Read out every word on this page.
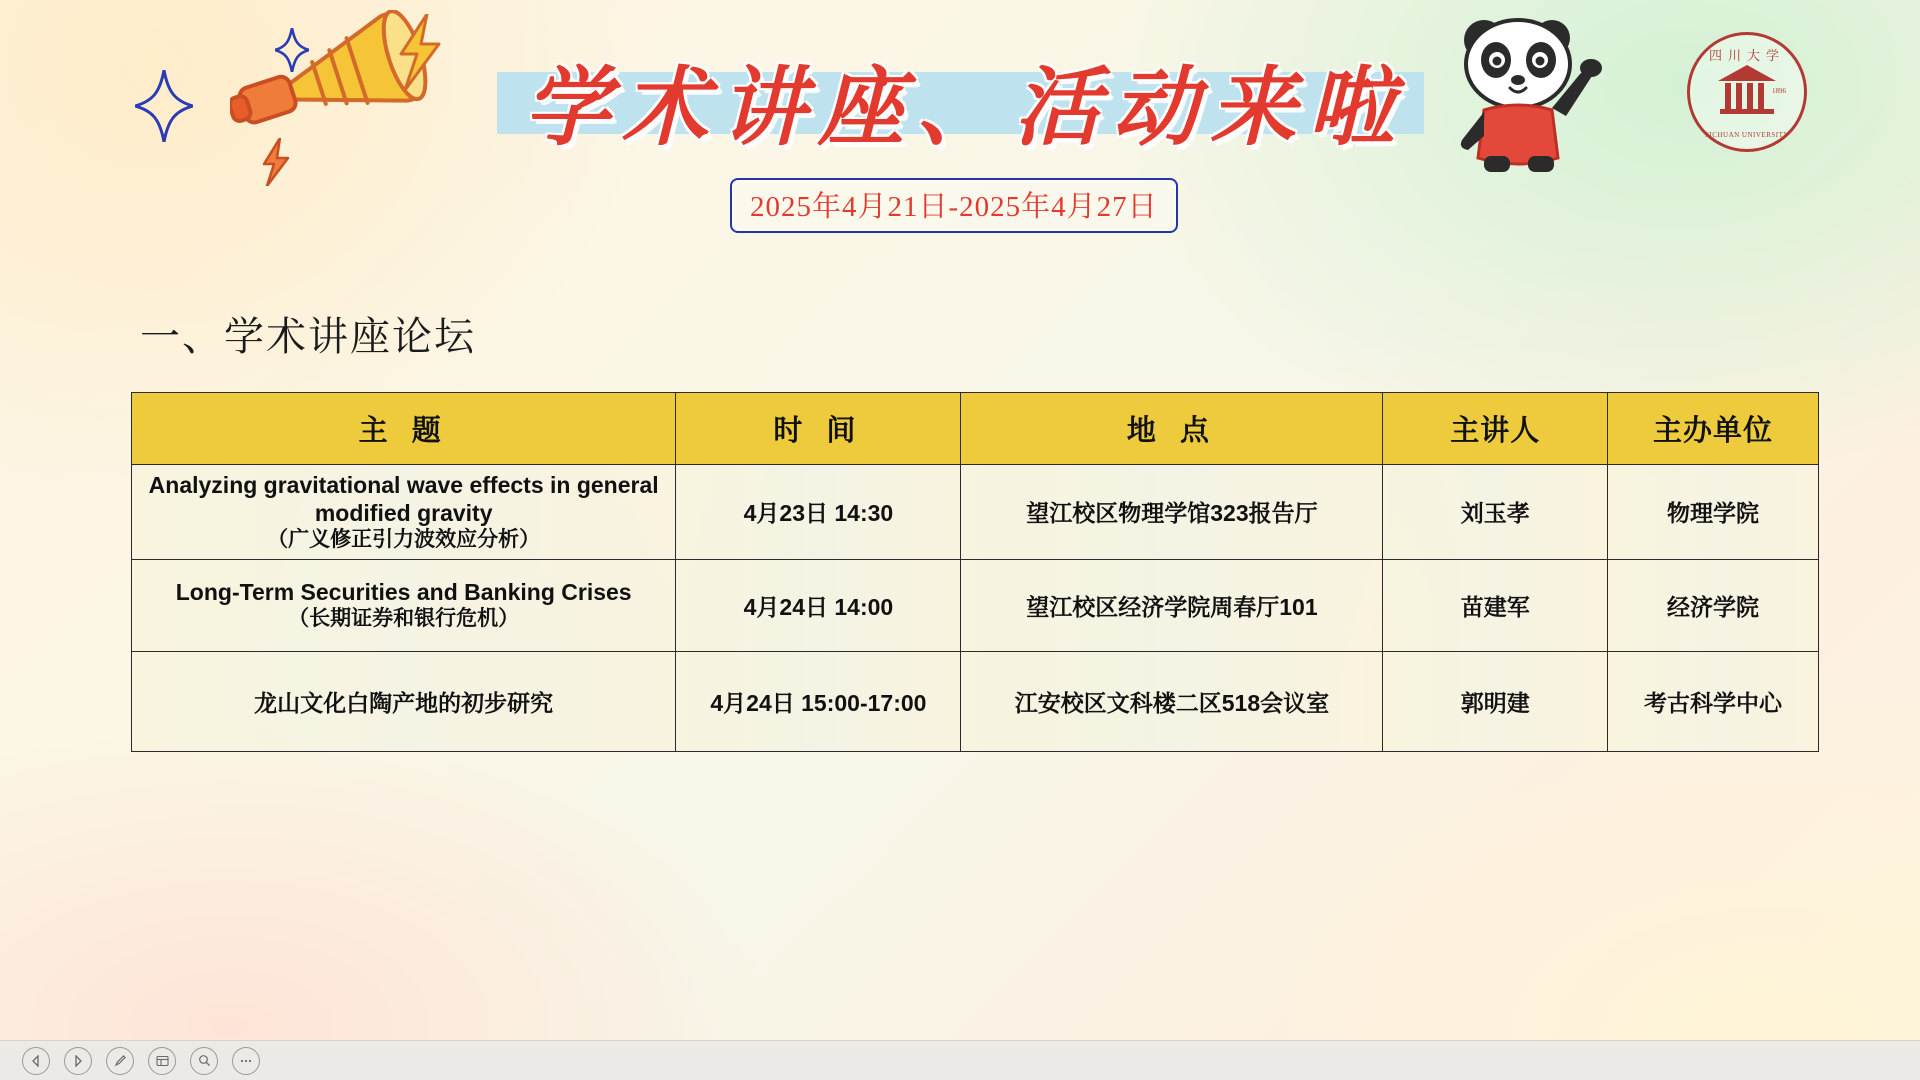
学术讲座、活动来啦
2025年4月21日-2025年4月27日
四川大学
1896
SICHUAN UNIVERSITY
一、学术讲座论坛
主 题	时 间	地 点	主讲人	主办单位

Analyzing gravitational wave effects in general modified gravity
（广义修正引力波效应分析）	4月23日 14:30	望江校区物理学馆323报告厅	刘玉孝	物理学院

Long-Term Securities and Banking Crises
（长期证券和银行危机）	4月24日 14:00	望江校区经济学院周春厅101	苗建军	经济学院
龙山文化白陶产地的初步研究	4月24日 15:00-17:00	江安校区文科楼二区518会议室	郭明建	考古科学中心
